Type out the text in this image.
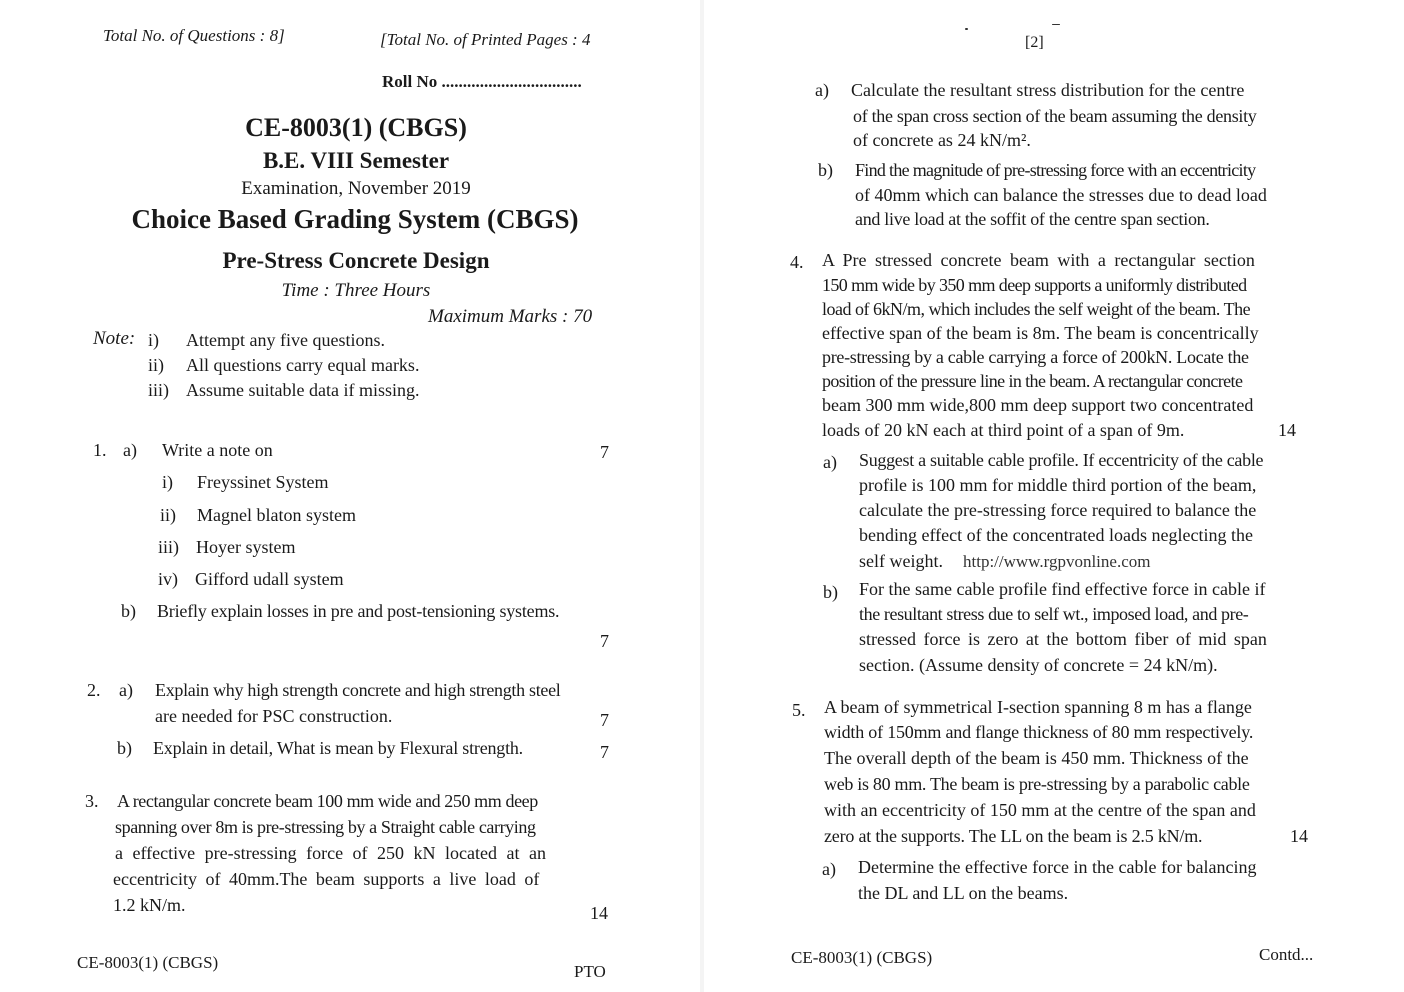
Total No. of Questions : 8]	[Total No. of Printed Pages : 4
Roll No .................................
CE-8003(1) (CBGS)
B.E. VIII Semester
Examination, November 2019
Choice Based Grading System (CBGS)
Pre-Stress Concrete Design
Time : Three Hours
Maximum Marks : 70
Note: i) Attempt any five questions.
ii) All questions carry equal marks.
iii) Assume suitable data if missing.
1. a) Write a note on	7
i) Freyssinet System
ii) Magnel blaton system
iii) Hoyer system
iv) Gifford udall system
b) Briefly explain losses in pre and post-tensioning systems.
7
2. a) Explain why high strength concrete and high strength steel
are needed for PSC construction.	7
b) Explain in detail, What is mean by Flexural strength.	7
3. A rectangular concrete beam 100 mm wide and 250 mm deep
spanning over 8m is pre-stressing by a Straight cable carrying
a effective pre-stressing force of 250 kN located at an
eccentricity of 40mm.The beam supports a live load of
1.2 kN/m.	14
CE-8003(1) (CBGS)	PTO
[2]
a) Calculate the resultant stress distribution for the centre
of the span cross section of the beam assuming the density
of concrete as 24 kN/m².
b) Find the magnitude of pre-stressing force with an eccentricity
of 40mm which can balance the stresses due to dead load
and live load at the soffit of the centre span section.
4. A Pre stressed concrete beam with a rectangular section
150 mm wide by 350 mm deep supports a uniformly distributed
load of 6kN/m, which includes the self weight of the beam. The
effective span of the beam is 8m. The beam is concentrically
pre-stressing by a cable carrying a force of 200kN. Locate the
position of the pressure line in the beam. A rectangular concrete
beam 300 mm wide,800 mm deep support two concentrated
loads of 20 kN each at third point of a span of 9m.	14
a) Suggest a suitable cable profile. If eccentricity of the cable
profile is 100 mm for middle third portion of the beam,
calculate the pre-stressing force required to balance the
bending effect of the concentrated loads neglecting the
self weight. http://www.rgpvonline.com
b) For the same cable profile find effective force in cable if
the resultant stress due to self wt., imposed load, and pre-
stressed force is zero at the bottom fiber of mid span
section. (Assume density of concrete = 24 kN/m).
5. A beam of symmetrical I-section spanning 8 m has a flange
width of 150mm and flange thickness of 80 mm respectively.
The overall depth of the beam is 450 mm. Thickness of the
web is 80 mm. The beam is pre-stressing by a parabolic cable
with an eccentricity of 150 mm at the centre of the span and
zero at the supports. The LL on the beam is 2.5 kN/m.	14
a) Determine the effective force in the cable for balancing
the DL and LL on the beams.
CE-8003(1) (CBGS)	Contd...
